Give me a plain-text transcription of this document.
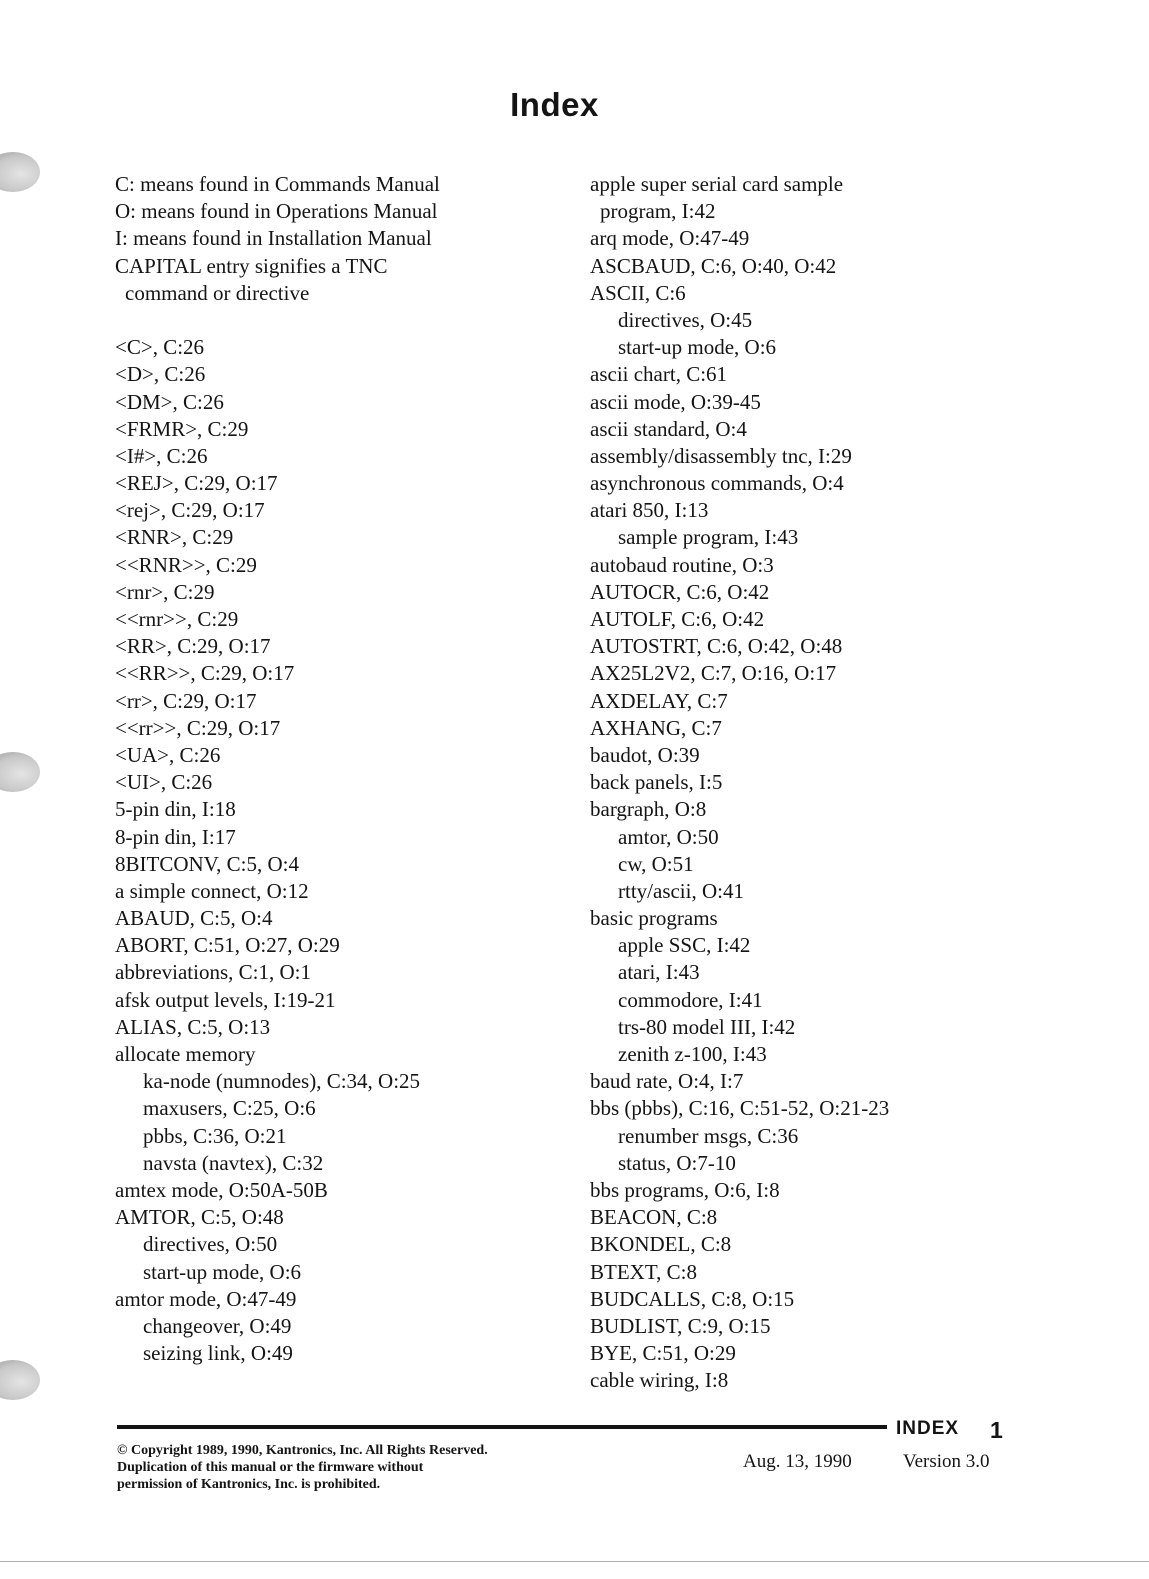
Index
C: means found in Commands Manual
O: means found in Operations Manual
I: means found in Installation Manual
CAPITAL entry signifies a TNC
command or directive
<C>, C:26
<D>, C:26
<DM>, C:26
<FRMR>, C:29
<I#>, C:26
<REJ>, C:29, O:17
<rej>, C:29, O:17
<RNR>, C:29
<<RNR>>, C:29
<rnr>, C:29
<<rnr>>, C:29
<RR>, C:29, O:17
<<RR>>, C:29, O:17
<rr>, C:29, O:17
<<rr>>, C:29, O:17
<UA>, C:26
<UI>, C:26
5-pin din, I:18
8-pin din, I:17
8BITCONV, C:5, O:4
a simple connect, O:12
ABAUD, C:5, O:4
ABORT, C:51, O:27, O:29
abbreviations, C:1, O:1
afsk output levels, I:19-21
ALIAS, C:5, O:13
allocate memory
ka-node (numnodes), C:34, O:25
maxusers, C:25, O:6
pbbs, C:36, O:21
navsta (navtex), C:32
amtex mode, O:50A-50B
AMTOR, C:5, O:48
directives, O:50
start-up mode, O:6
amtor mode, O:47-49
changeover, O:49
seizing link, O:49
apple super serial card sample
program, I:42
arq mode, O:47-49
ASCBAUD, C:6, O:40, O:42
ASCII, C:6
directives, O:45
start-up mode, O:6
ascii chart, C:61
ascii mode, O:39-45
ascii standard, O:4
assembly/disassembly tnc, I:29
asynchronous commands, O:4
atari 850, I:13
sample program, I:43
autobaud routine, O:3
AUTOCR, C:6, O:42
AUTOLF, C:6, O:42
AUTOSTRT, C:6, O:42, O:48
AX25L2V2, C:7, O:16, O:17
AXDELAY, C:7
AXHANG, C:7
baudot, O:39
back panels, I:5
bargraph, O:8
amtor, O:50
cw, O:51
rtty/ascii, O:41
basic programs
apple SSC, I:42
atari, I:43
commodore, I:41
trs-80 model III, I:42
zenith z-100, I:43
baud rate, O:4, I:7
bbs (pbbs), C:16, C:51-52, O:21-23
renumber msgs, C:36
status, O:7-10
bbs programs, O:6, I:8
BEACON, C:8
BKONDEL, C:8
BTEXT, C:8
BUDCALLS, C:8, O:15
BUDLIST, C:9, O:15
BYE, C:51, O:29
cable wiring, I:8
INDEX 1
© Copyright 1989, 1990, Kantronics, Inc. All Rights Reserved.
Duplication of this manual or the firmware without
permission of Kantronics, Inc. is prohibited.
Aug. 13, 1990	Version 3.0
